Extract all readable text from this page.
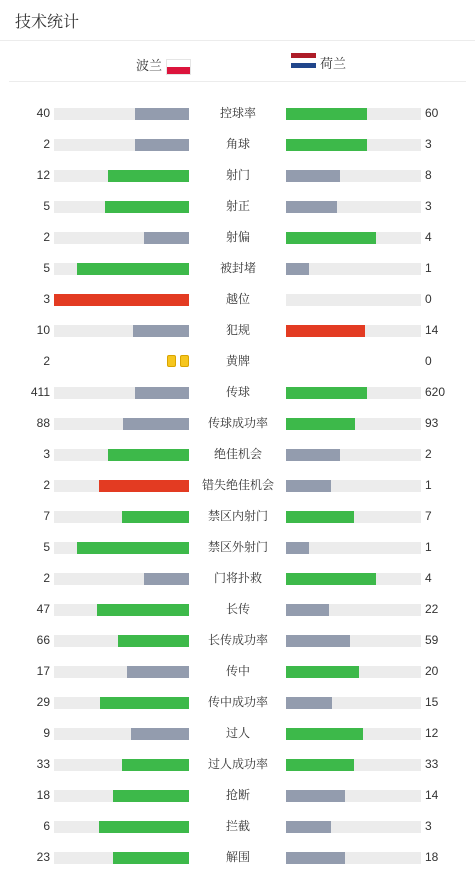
技术统计
波兰	荷兰
40	控球率	60
2	角球	3
12	射门	8
5	射正	3
2	射偏	4
5	被封堵	1
3	越位	0
10	犯规	14
2	黄牌	0
411	传球	620
88	传球成功率	93
3	绝佳机会	2
2	错失绝佳机会	1
7	禁区内射门	7
5	禁区外射门	1
2	门将扑救	4
47	长传	22
66	长传成功率	59
17	传中	20
29	传中成功率	15
9	过人	12
33	过人成功率	33
18	抢断	14
6	拦截	3
23	解围	18
